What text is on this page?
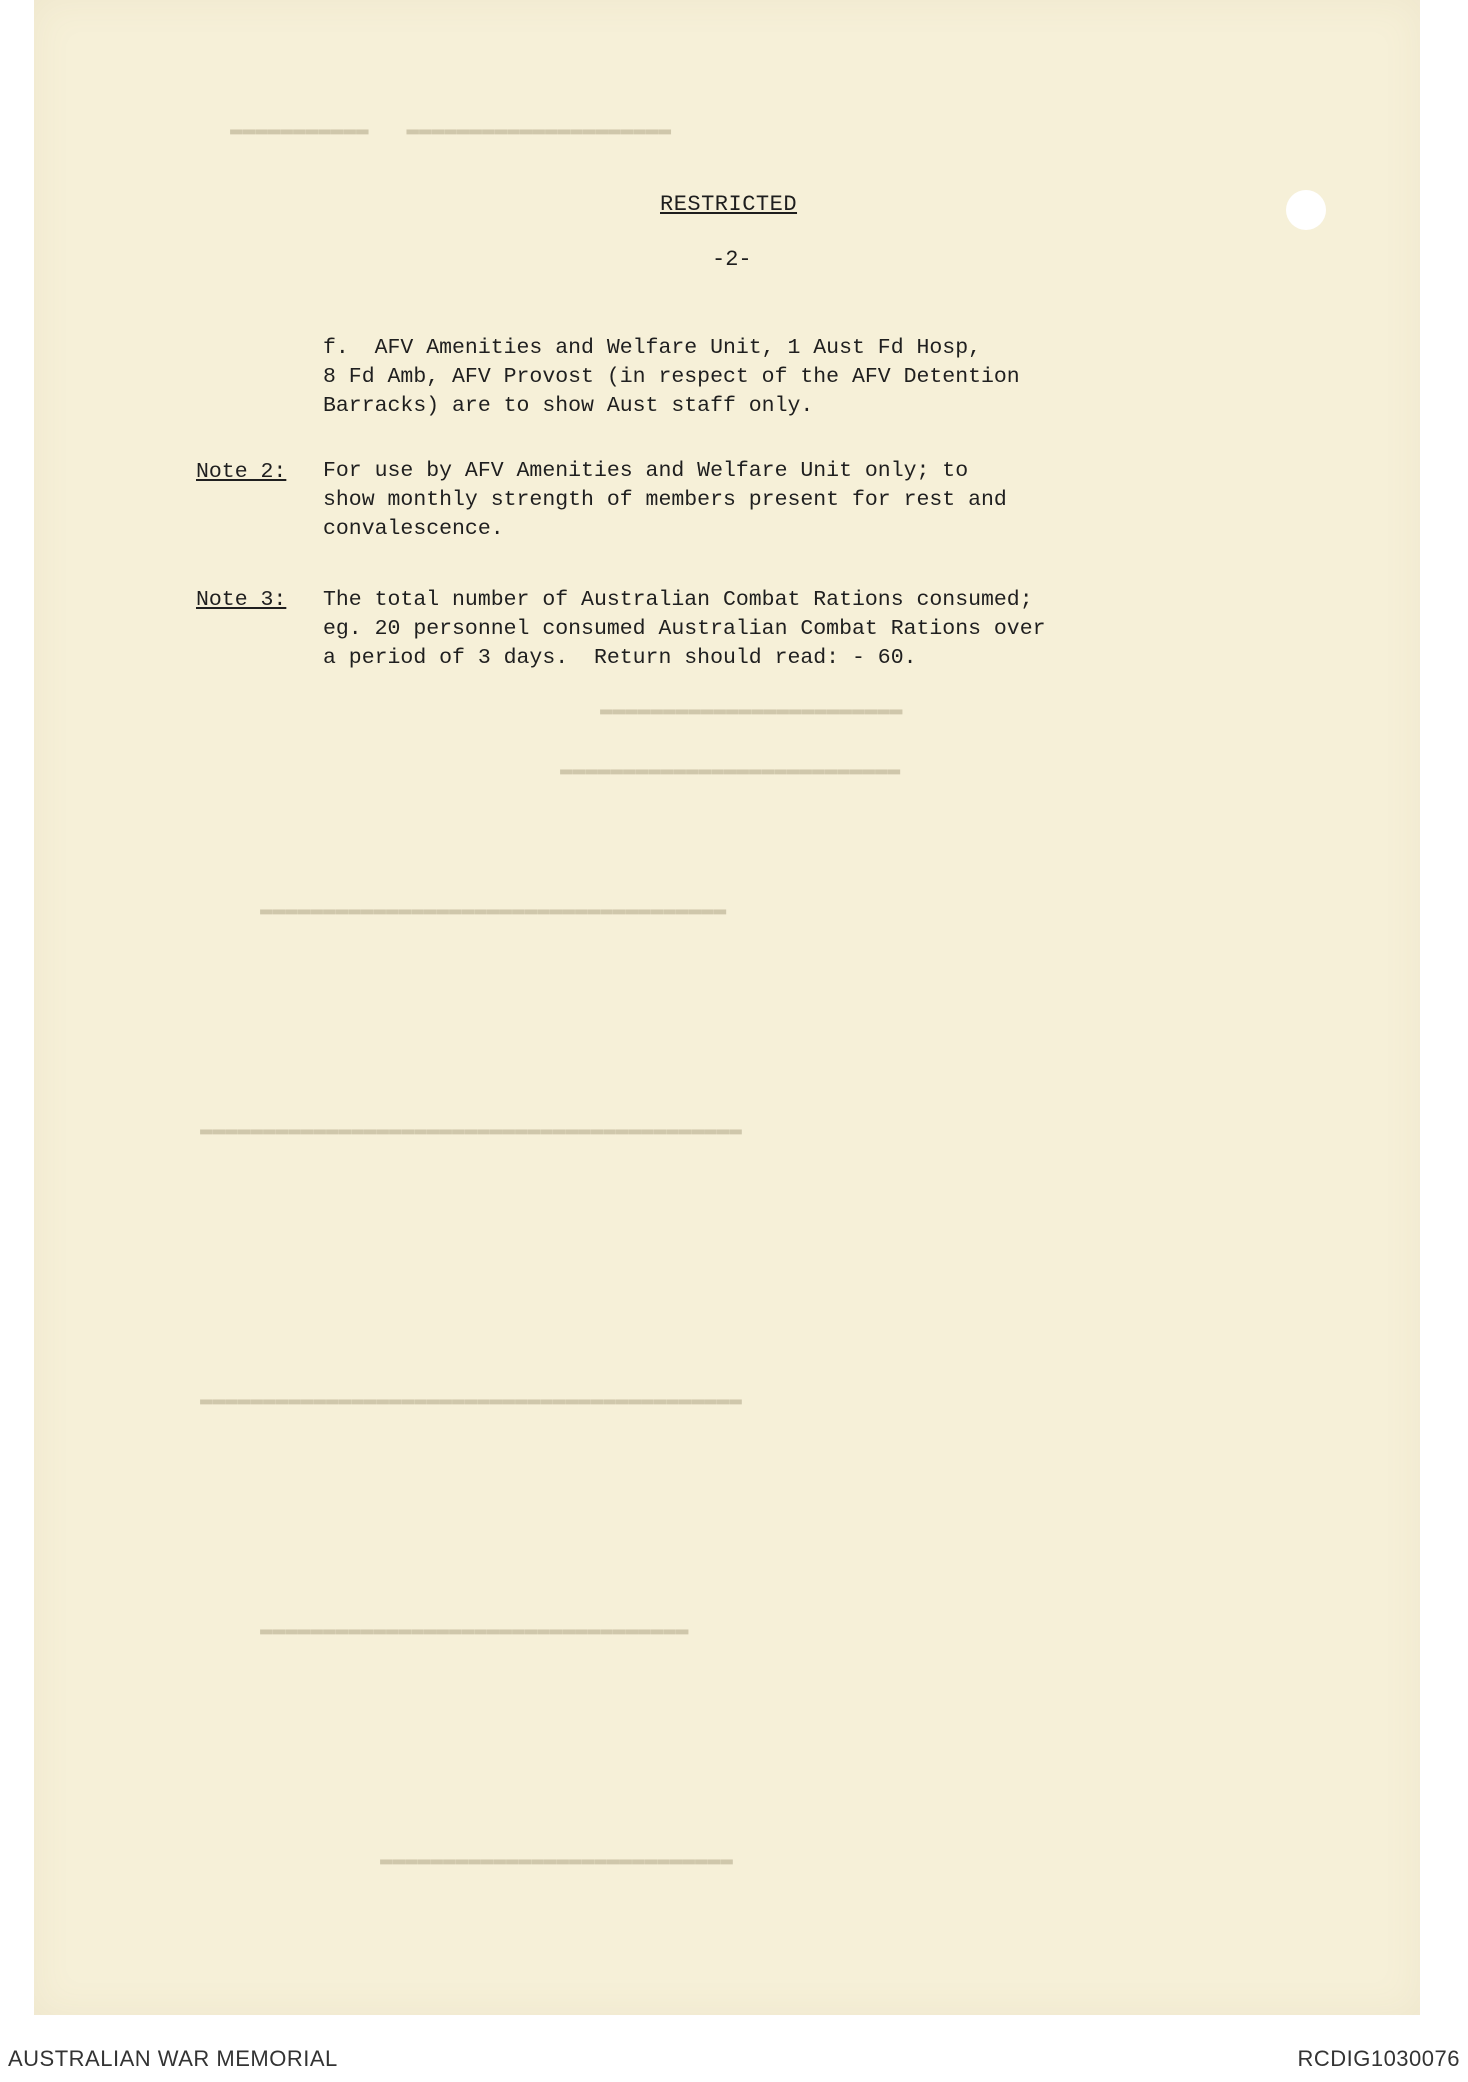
▬▬▬▬▬▬▬▬▬▬▬▬▬▬▬▬▬▬▬▬▬   ▬▬▬▬▬▬▬▬▬▬▬
▬▬▬▬▬▬▬▬▬▬▬▬▬▬▬▬▬▬▬▬▬▬▬▬
▬▬▬▬▬▬▬▬▬▬▬▬▬▬▬▬▬▬▬▬▬▬▬▬▬▬▬
▬▬▬▬▬▬▬▬▬▬▬▬▬▬▬▬▬▬▬▬▬▬▬▬▬▬▬▬▬▬▬▬▬▬▬▬▬
▬▬▬▬▬▬▬▬▬▬▬▬▬▬▬▬▬▬▬▬▬▬▬▬▬▬▬▬▬▬▬▬▬▬▬▬▬▬▬▬▬▬▬
▬▬▬▬▬▬▬▬▬▬▬▬▬▬▬▬▬▬▬▬▬▬▬▬▬▬▬▬▬▬▬▬▬▬▬▬▬▬▬▬▬▬▬
▬▬▬▬▬▬▬▬▬▬▬▬▬▬▬▬▬▬▬▬▬▬▬▬▬▬▬▬▬▬▬▬▬▬
▬▬▬▬▬▬▬▬▬▬▬▬▬▬▬▬▬▬▬▬▬▬▬▬▬▬▬▬
RESTRICTED
-2-
f.  AFV Amenities and Welfare Unit, 1 Aust Fd Hosp,
8 Fd Amb, AFV Provost (in respect of the AFV Detention
Barracks) are to show Aust staff only.
Note 2: For use by AFV Amenities and Welfare Unit only; to
show monthly strength of members present for rest and
convalescence.
Note 3: The total number of Australian Combat Rations consumed;
eg. 20 personnel consumed Australian Combat Rations over
a period of 3 days.  Return should read: - 60.
AUSTRALIAN WAR MEMORIAL	RCDIG1030076
